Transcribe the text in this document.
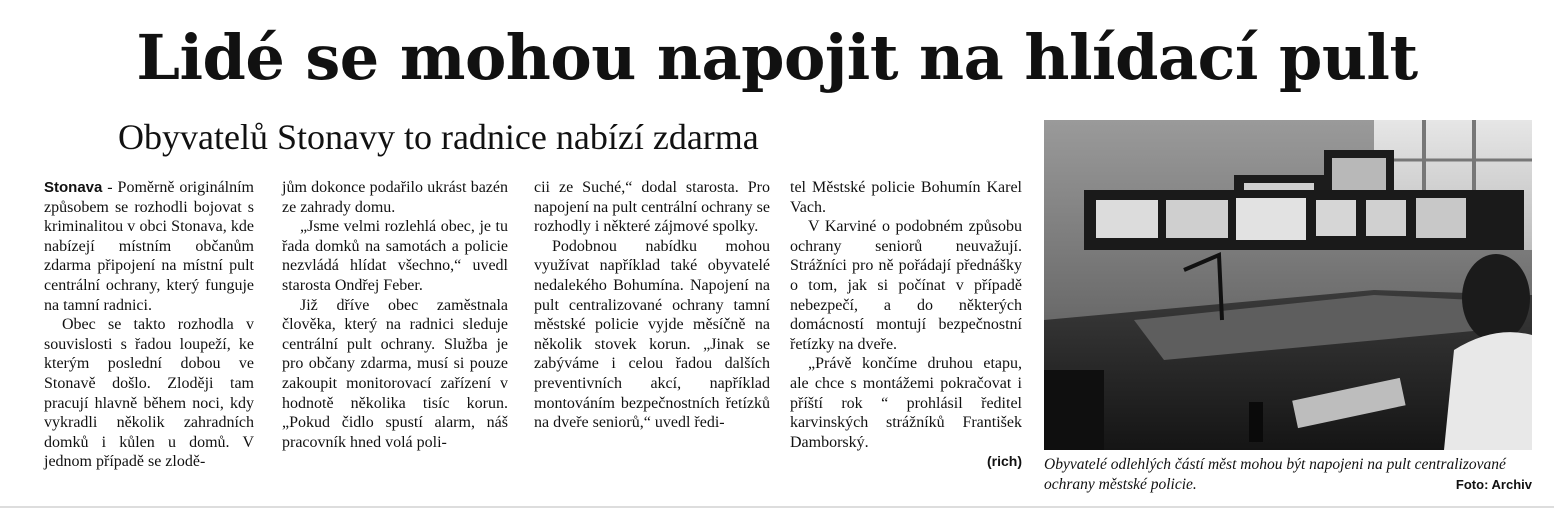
Lidé se mohou napojit na hlídací pult
Obyvatelů Stonavy to radnice nabízí zdarma

Stonava - Poměrně originálním způsobem se rozhodli bojovat s kriminalitou v obci Stonava, kde nabízejí místním občanům zdarma připojení na místní pult centrální ochrany, který funguje na tamní radnici.

Obec se takto rozhodla v souvislosti s řadou loupeží, ke kterým poslední dobou ve Stonavě došlo. Zloději tam pracují hlavně během noci, kdy vykradli několik zahradních domků i kůlen u domů. V jednom případě se zlodě-

jům dokonce podařilo ukrást bazén ze zahrady domu.

„Jsme velmi rozlehlá obec, je tu řada domků na samotách a policie nezvládá hlídat všechno,“ uvedl starosta Ondřej Feber.

Již dříve obec zaměstnala člověka, který na radnici sleduje centrální pult ochrany. Služba je pro občany zdarma, musí si pouze zakoupit monitorovací zařízení v hodnotě několika tisíc korun. „Pokud čidlo spustí alarm, náš pracovník hned volá poli-

cii ze Suché,“ dodal starosta. Pro napojení na pult centrální ochrany se rozhodly i některé zájmové spolky.

Podobnou nabídku mohou využívat například také obyvatelé nedalekého Bohumína. Napojení na pult centralizované ochrany tamní městské policie vyjde měsíčně na několik stovek korun. „Jinak se zabýváme i celou řadou dalších preventivních akcí, například montováním bezpečnostních řetízků na dveře seniorů,“ uvedl ředi-

tel Městské policie Bohumín Karel Vach.

V Karviné o podobném způsobu ochrany seniorů neuvažují. Strážníci pro ně pořádají přednášky o tom, jak si počínat v případě nebezpečí, a do některých domácností montují bezpečnostní řetízky na dveře.

„Právě končíme druhou etapu, ale chce s montážemi pokračovat i příští rok “ prohlásil ředitel karvinských strážníků František Damborský.

(rich) Obyvatelé odlehlých částí měst mohou být napojeni na pult centralizované ochrany městské policie.	Foto: Archiv
